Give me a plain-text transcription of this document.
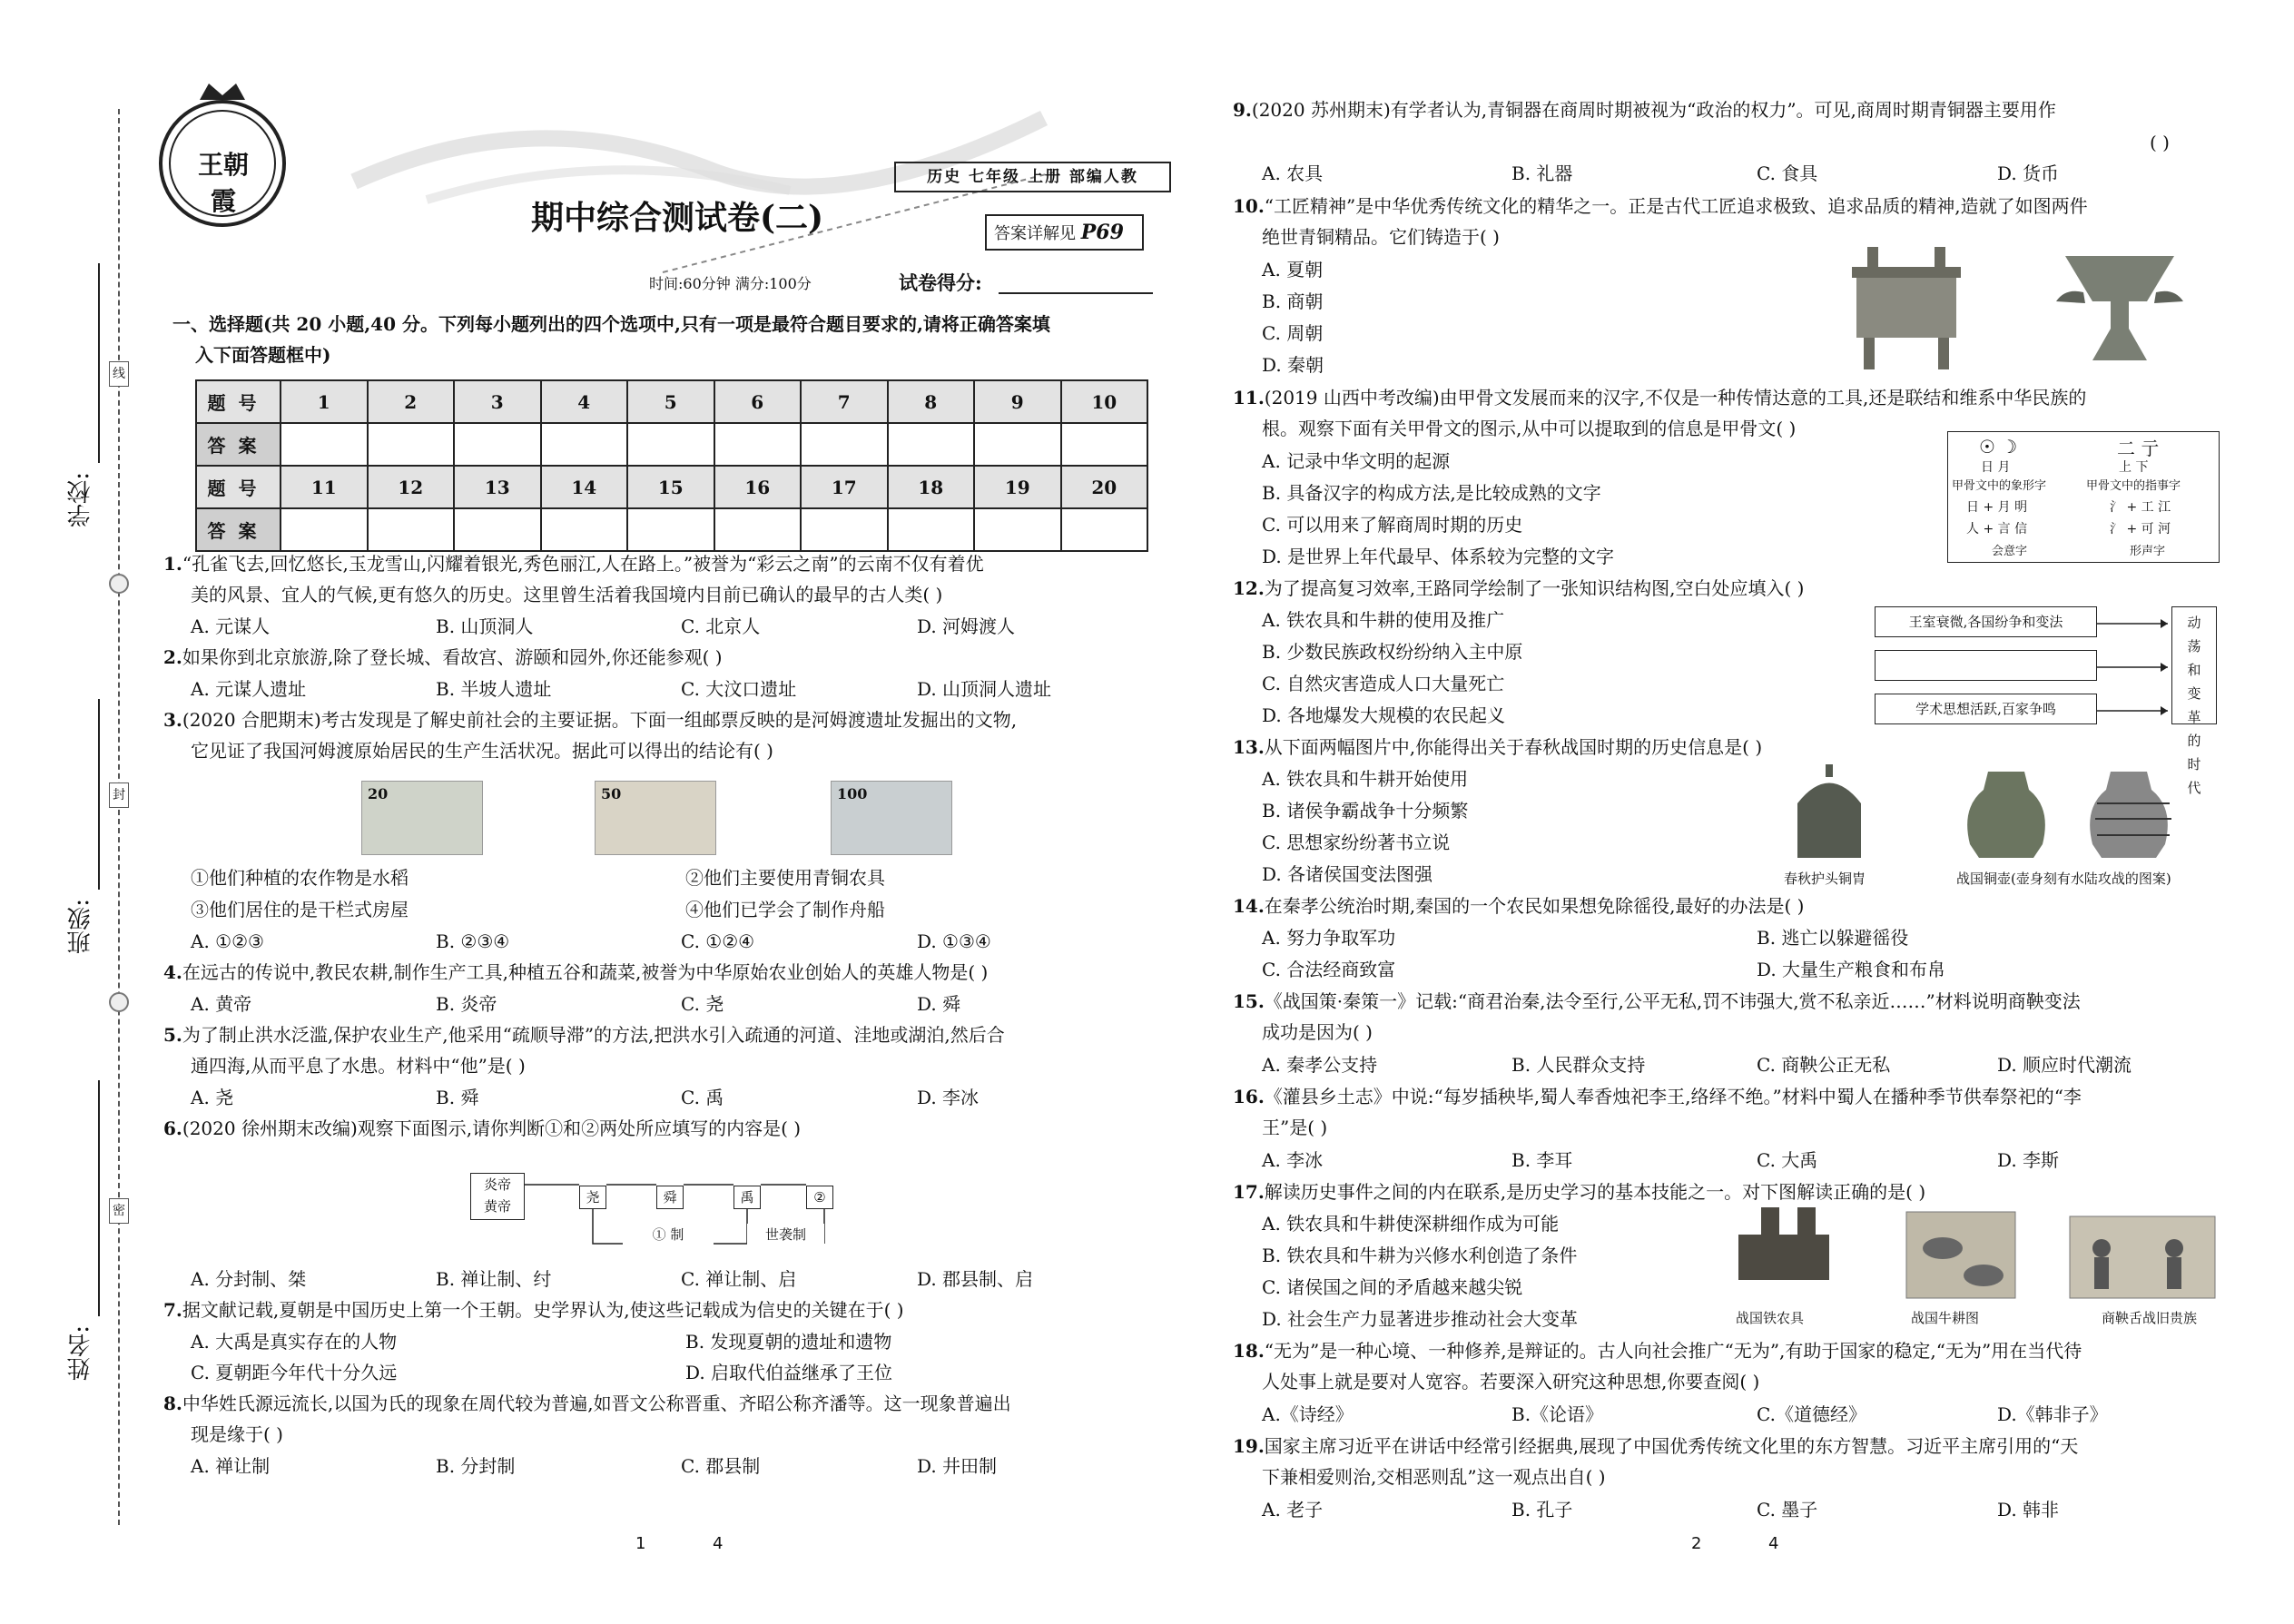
学校:
班级:
姓名:
线
封
密
王朝霞
历史 七年级 上册 部编人教
期中综合测试卷(二)	答案详解见 P69
时间:60分钟 满分:100分	试卷得分:
一、选择题(共 20 小题,40 分。下列每小题列出的四个选项中,只有一项是最符合题目要求的,请将正确答案填
入下面答题框中)
题号	1	2	3	4	5	6	7	8	9	10
答案										
题号	11	12	13	14	15	16	17	18	19	20
答案										
1.“孔雀飞去,回忆悠长,玉龙雪山,闪耀着银光,秀色丽江,人在路上。”被誉为“彩云之南”的云南不仅有着优
美的风景、宜人的气候,更有悠久的历史。这里曾生活着我国境内目前已确认的最早的古人类( )
A. 元谋人	B. 山顶洞人	C. 北京人	D. 河姆渡人
2.如果你到北京旅游,除了登长城、看故宫、游颐和园外,你还能参观( )
A. 元谋人遗址	B. 半坡人遗址	C. 大汶口遗址	D. 山顶洞人遗址
3.(2020 合肥期末)考古发现是了解史前社会的主要证据。下面一组邮票反映的是河姆渡遗址发掘出的文物,
它见证了我国河姆渡原始居民的生产生活状况。据此可以得出的结论有( )
20	50	100
①他们种植的农作物是水稻	②他们主要使用青铜农具
③他们居住的是干栏式房屋	④他们已学会了制作舟船
A. ①②③	B. ②③④	C. ①②④	D. ①③④
4.在远古的传说中,教民农耕,制作生产工具,种植五谷和蔬菜,被誉为中华原始农业创始人的英雄人物是( )
A. 黄帝	B. 炎帝	C. 尧	D. 舜
5.为了制止洪水泛滥,保护农业生产,他采用“疏顺导滞”的方法,把洪水引入疏通的河道、洼地或湖泊,然后合
通四海,从而平息了水患。材料中“他”是( )
A. 尧	B. 舜	C. 禹	D. 李冰
6.(2020 徐州期末改编)观察下面图示,请你判断①和②两处所应填写的内容是( )
炎帝
黄帝
尧	舜	禹	②
① 制	世袭制
A. 分封制、桀	B. 禅让制、纣	C. 禅让制、启	D. 郡县制、启
7.据文献记载,夏朝是中国历史上第一个王朝。史学界认为,使这些记载成为信史的关键在于( )
A. 大禹是真实存在的人物	B. 发现夏朝的遗址和遗物
C. 夏朝距今年代十分久远	D. 启取代伯益继承了王位
8.中华姓氏源远流长,以国为氏的现象在周代较为普遍,如晋文公称晋重、齐昭公称齐潘等。这一现象普遍出
现是缘于( )
A. 禅让制	B. 分封制	C. 郡县制	D. 井田制
1	4
9.(2020 苏州期末)有学者认为,青铜器在商周时期被视为“政治的权力”。可见,商周时期青铜器主要用作
( )
A. 农具	B. 礼器	C. 食具	D. 货币
10.“工匠精神”是中华优秀传统文化的精华之一。正是古代工匠追求极致、追求品质的精神,造就了如图两件
绝世青铜精品。它们铸造于( )
A. 夏朝
B. 商朝
C. 周朝
D. 秦朝
11.(2019 山西中考改编)由甲骨文发展而来的汉字,不仅是一种传情达意的工具,还是联结和维系中华民族的
根。观察下面有关甲骨文的图示,从中可以提取到的信息是甲骨文( )
A. 记录中华文明的起源
B. 具备汉字的构成方法,是比较成熟的文字
C. 可以用来了解商周时期的历史
D. 是世界上年代最早、体系较为完整的文字
☉ ☽	二 亍
日 月	上 下
甲骨文中的象形字	甲骨文中的指事字
日 + 月 明	氵 + 工 江
人 + 言 信	氵 + 可 河
会意字	形声字
12.为了提高复习效率,王路同学绘制了一张知识结构图,空白处应填入( )
A. 铁农具和牛耕的使用及推广
B. 少数民族政权纷纷纳入主中原
C. 自然灾害造成人口大量死亡
D. 各地爆发大规模的农民起义
王室衰微,各国纷争和变法
学术思想活跃,百家争鸣
动荡和变革的时代
13.从下面两幅图片中,你能得出关于春秋战国时期的历史信息是( )
A. 铁农具和牛耕开始使用
B. 诸侯争霸战争十分频繁
C. 思想家纷纷著书立说
D. 各诸侯国变法图强	春秋护头铜胄	战国铜壶(壶身刻有水陆攻战的图案)
14.在秦孝公统治时期,秦国的一个农民如果想免除徭役,最好的办法是( )
A. 努力争取军功	B. 逃亡以躲避徭役
C. 合法经商致富	D. 大量生产粮食和布帛
15.《战国策·秦策一》记载:“商君治秦,法令至行,公平无私,罚不讳强大,赏不私亲近……”材料说明商鞅变法
成功是因为( )
A. 秦孝公支持	B. 人民群众支持	C. 商鞅公正无私	D. 顺应时代潮流
16.《灌县乡土志》中说:“每岁插秧毕,蜀人奉香烛祀李王,络绎不绝。”材料中蜀人在播种季节供奉祭祀的“李
王”是( )
A. 李冰	B. 李耳	C. 大禹	D. 李斯
17.解读历史事件之间的内在联系,是历史学习的基本技能之一。对下图解读正确的是( )
A. 铁农具和牛耕使深耕细作成为可能
B. 铁农具和牛耕为兴修水利创造了条件
C. 诸侯国之间的矛盾越来越尖锐
D. 社会生产力显著进步推动社会大变革	战国铁农具	战国牛耕图	商鞅舌战旧贵族
18.“无为”是一种心境、一种修养,是辩证的。古人向社会推广“无为”,有助于国家的稳定,“无为”用在当代待
人处事上就是要对人宽容。若要深入研究这种思想,你要查阅( )
A.《诗经》	B.《论语》	C.《道德经》	D.《韩非子》
19.国家主席习近平在讲话中经常引经据典,展现了中国优秀传统文化里的东方智慧。习近平主席引用的“天
下兼相爱则治,交相恶则乱”这一观点出自( )
A. 老子	B. 孔子	C. 墨子	D. 韩非
2	4
